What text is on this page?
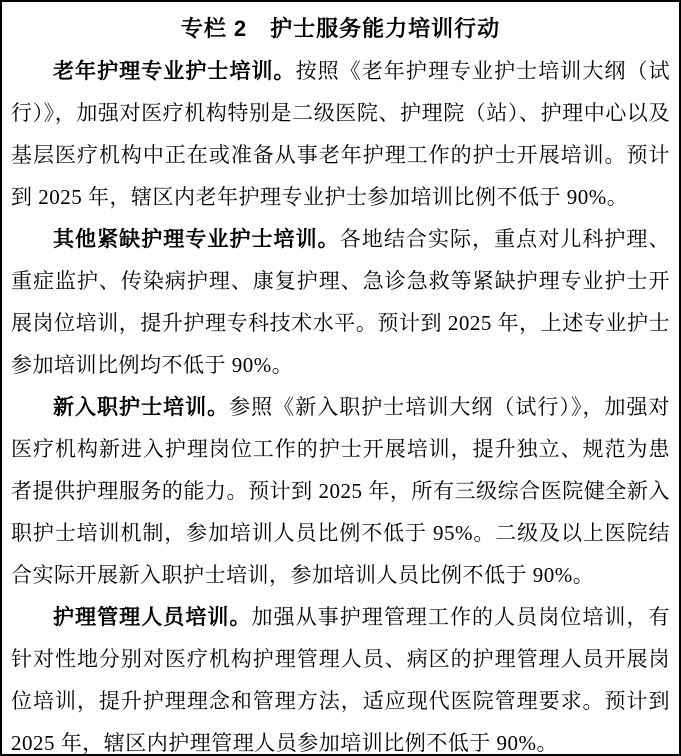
专栏 2　护士服务能力培训行动

老年护理专业护士培训。按照《老年护理专业护士培训大纲（试行）》，加强对医疗机构特别是二级医院、护理院（站）、护理中心以及基层医疗机构中正在或准备从事老年护理工作的护士开展培训。预计到 2025 年，辖区内老年护理专业护士参加培训比例不低于 90%。

其他紧缺护理专业护士培训。各地结合实际，重点对儿科护理、重症监护、传染病护理、康复护理、急诊急救等紧缺护理专业护士开展岗位培训，提升护理专科技术水平。预计到 2025 年，上述专业护士参加培训比例均不低于 90%。

新入职护士培训。参照《新入职护士培训大纲（试行）》，加强对医疗机构新进入护理岗位工作的护士开展培训，提升独立、规范为患者提供护理服务的能力。预计到 2025 年，所有三级综合医院健全新入职护士培训机制，参加培训人员比例不低于 95%。二级及以上医院结合实际开展新入职护士培训，参加培训人员比例不低于 90%。

护理管理人员培训。加强从事护理管理工作的人员岗位培训，有针对性地分别对医疗机构护理管理人员、病区的护理管理人员开展岗位培训，提升护理理念和管理方法，适应现代医院管理要求。预计到 2025 年，辖区内护理管理人员参加培训比例不低于 90%。
